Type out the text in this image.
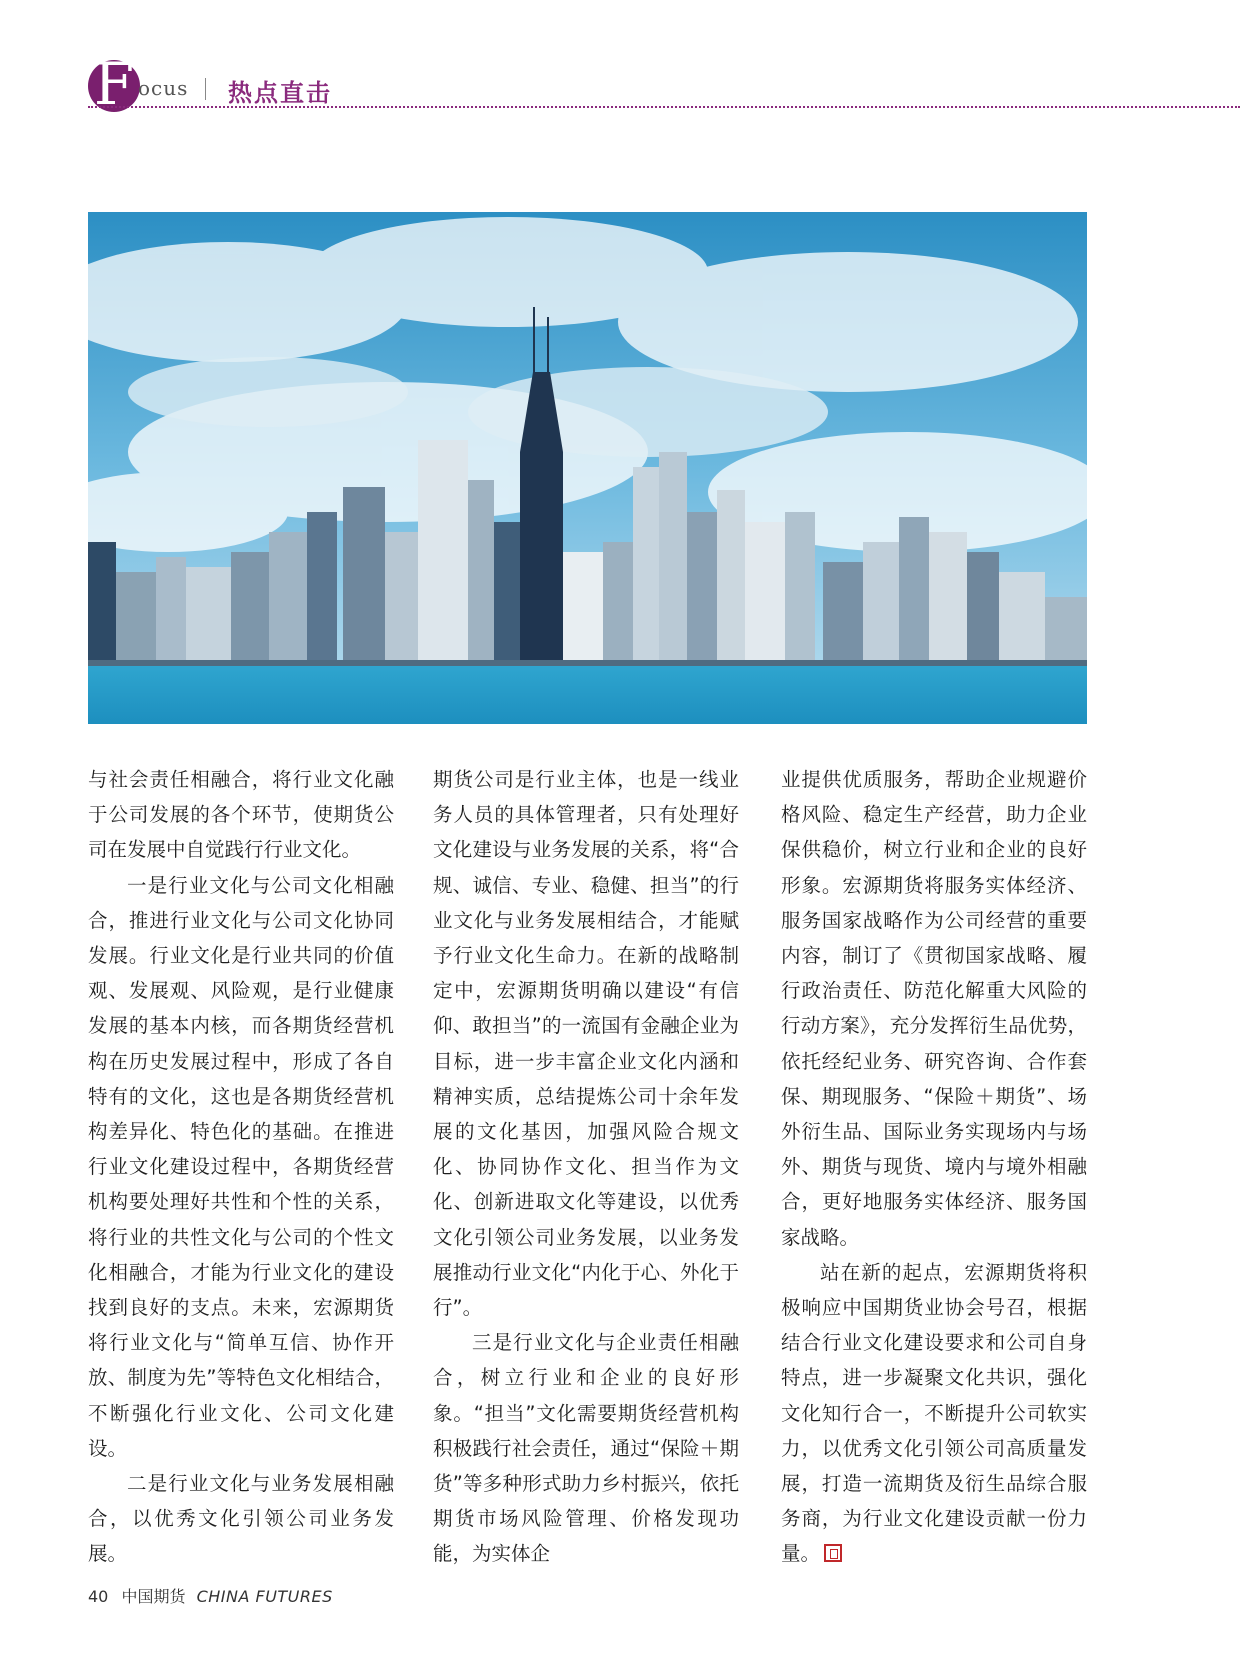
F ocus 热点直击

与社会责任相融合，将行业文化融于公司发展的各个环节，使期货公司在发展中自觉践行行业文化。

一是行业文化与公司文化相融合，推进行业文化与公司文化协同发展。行业文化是行业共同的价值观、发展观、风险观，是行业健康发展的基本内核，而各期货经营机构在历史发展过程中，形成了各自特有的文化，这也是各期货经营机构差异化、特色化的基础。在推进行业文化建设过程中，各期货经营机构要处理好共性和个性的关系，将行业的共性文化与公司的个性文化相融合，才能为行业文化的建设找到良好的支点。未来，宏源期货将行业文化与“简单互信、协作开放、制度为先”等特色文化相结合，不断强化行业文化、公司文化建设。

二是行业文化与业务发展相融合，以优秀文化引领公司业务发展。

期货公司是行业主体，也是一线业务人员的具体管理者，只有处理好文化建设与业务发展的关系，将“合规、诚信、专业、稳健、担当”的行业文化与业务发展相结合，才能赋予行业文化生命力。在新的战略制定中，宏源期货明确以建设“有信仰、敢担当”的一流国有金融企业为目标，进一步丰富企业文化内涵和精神实质，总结提炼公司十余年发展的文化基因，加强风险合规文化、协同协作文化、担当作为文化、创新进取文化等建设，以优秀文化引领公司业务发展，以业务发展推动行业文化“内化于心、外化于行”。

三是行业文化与企业责任相融合，树立行业和企业的良好形象。“担当”文化需要期货经营机构积极践行社会责任，通过“保险＋期货”等多种形式助力乡村振兴，依托期货市场风险管理、价格发现功能，为实体企

业提供优质服务，帮助企业规避价格风险、稳定生产经营，助力企业保供稳价，树立行业和企业的良好形象。宏源期货将服务实体经济、服务国家战略作为公司经营的重要内容，制订了《贯彻国家战略、履行政治责任、防范化解重大风险的行动方案》，充分发挥衍生品优势，依托经纪业务、研究咨询、合作套保、期现服务、“保险＋期货”、场外衍生品、国际业务实现场内与场外、期货与现货、境内与境外相融合，更好地服务实体经济、服务国家战略。

站在新的起点，宏源期货将积极响应中国期货业协会号召，根据结合行业文化建设要求和公司自身特点，进一步凝聚文化共识，强化文化知行合一，不断提升公司软实力，以优秀文化引领公司高质量发展，打造一流期货及衍生品综合服务商，为行业文化建设贡献一份力量。

40 中国期货 CHINA FUTURES
